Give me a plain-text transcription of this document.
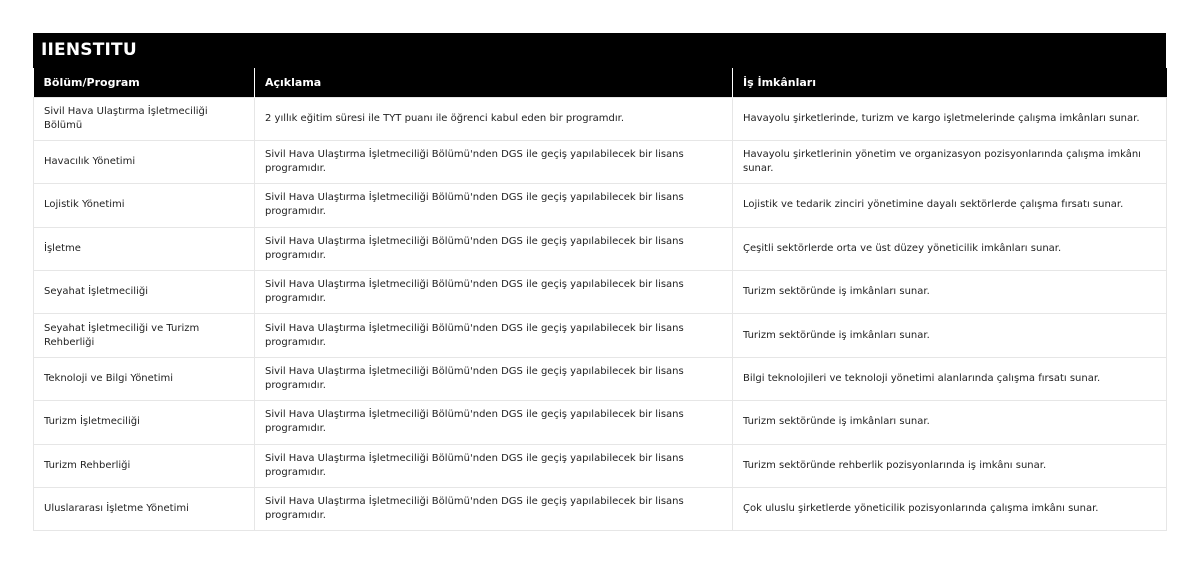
IIENSTITU
Bölüm/Program	Açıklama	İş İmkânları
Sivil Hava Ulaştırma İşletmeciliği Bölümü	2 yıllık eğitim süresi ile TYT puanı ile öğrenci kabul eden bir programdır.	Havayolu şirketlerinde, turizm ve kargo işletmelerinde çalışma imkânları sunar.
Havacılık Yönetimi	Sivil Hava Ulaştırma İşletmeciliği Bölümü'nden DGS ile geçiş yapılabilecek bir lisans programıdır.	Havayolu şirketlerinin yönetim ve organizasyon pozisyonlarında çalışma imkânı sunar.
Lojistik Yönetimi	Sivil Hava Ulaştırma İşletmeciliği Bölümü'nden DGS ile geçiş yapılabilecek bir lisans programıdır.	Lojistik ve tedarik zinciri yönetimine dayalı sektörlerde çalışma fırsatı sunar.
İşletme	Sivil Hava Ulaştırma İşletmeciliği Bölümü'nden DGS ile geçiş yapılabilecek bir lisans programıdır.	Çeşitli sektörlerde orta ve üst düzey yöneticilik imkânları sunar.
Seyahat İşletmeciliği	Sivil Hava Ulaştırma İşletmeciliği Bölümü'nden DGS ile geçiş yapılabilecek bir lisans programıdır.	Turizm sektöründe iş imkânları sunar.
Seyahat İşletmeciliği ve Turizm Rehberliği	Sivil Hava Ulaştırma İşletmeciliği Bölümü'nden DGS ile geçiş yapılabilecek bir lisans programıdır.	Turizm sektöründe iş imkânları sunar.
Teknoloji ve Bilgi Yönetimi	Sivil Hava Ulaştırma İşletmeciliği Bölümü'nden DGS ile geçiş yapılabilecek bir lisans programıdır.	Bilgi teknolojileri ve teknoloji yönetimi alanlarında çalışma fırsatı sunar.
Turizm İşletmeciliği	Sivil Hava Ulaştırma İşletmeciliği Bölümü'nden DGS ile geçiş yapılabilecek bir lisans programıdır.	Turizm sektöründe iş imkânları sunar.
Turizm Rehberliği	Sivil Hava Ulaştırma İşletmeciliği Bölümü'nden DGS ile geçiş yapılabilecek bir lisans programıdır.	Turizm sektöründe rehberlik pozisyonlarında iş imkânı sunar.
Uluslararası İşletme Yönetimi	Sivil Hava Ulaştırma İşletmeciliği Bölümü'nden DGS ile geçiş yapılabilecek bir lisans programıdır.	Çok uluslu şirketlerde yöneticilik pozisyonlarında çalışma imkânı sunar.
